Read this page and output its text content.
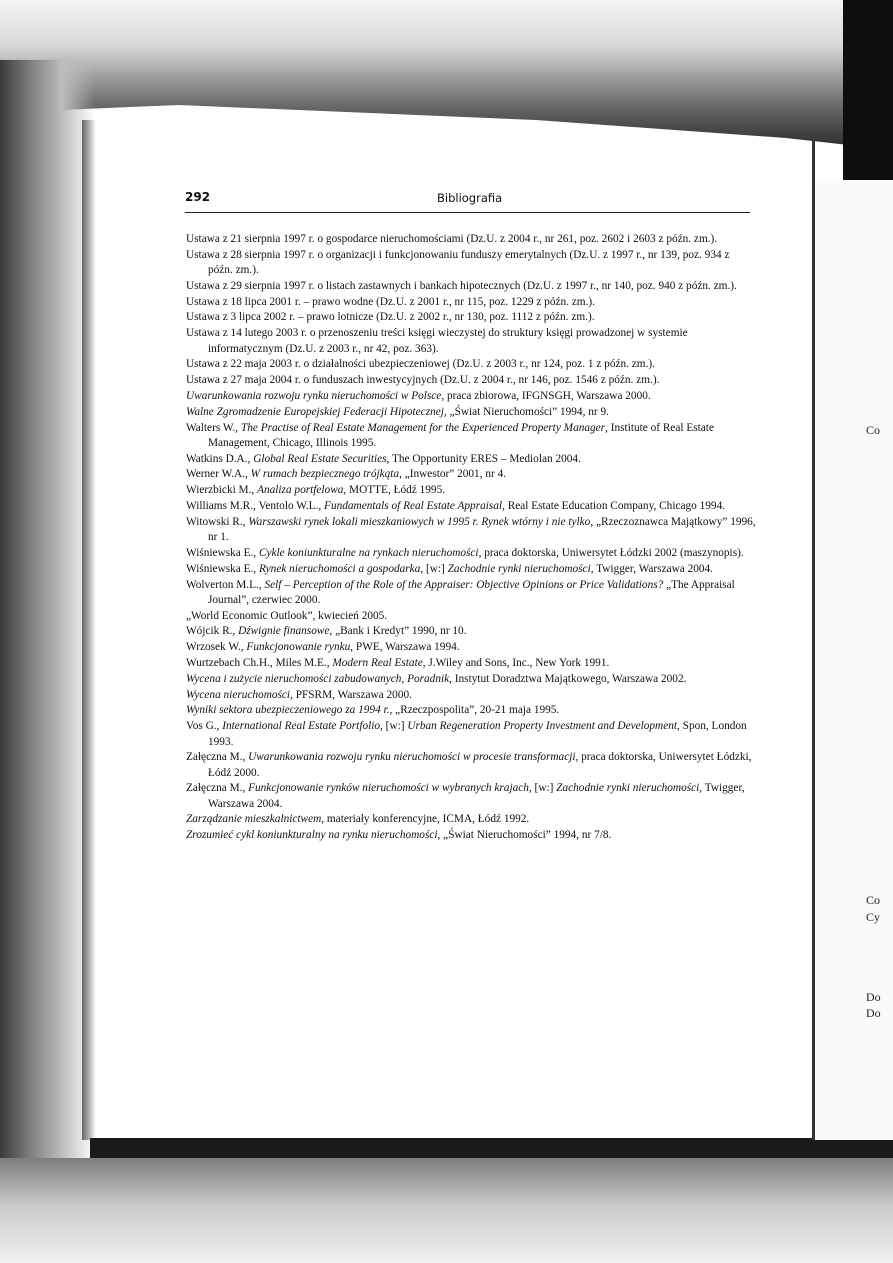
Co
Co
Cy
Do
Do
292	Bibliografia
Ustawa z 21 sierpnia 1997 r. o gospodarce nieruchomościami (Dz.U. z 2004 r., nr 261, poz. 2602 i 2603 z późn. zm.).
Ustawa z 28 sierpnia 1997 r. o organizacji i funkcjonowaniu funduszy emerytalnych (Dz.U. z 1997 r., nr 139, poz. 934 z późn. zm.).
Ustawa z 29 sierpnia 1997 r. o listach zastawnych i bankach hipotecznych (Dz.U. z 1997 r., nr 140, poz. 940 z późn. zm.).
Ustawa z 18 lipca 2001 r. – prawo wodne (Dz.U. z 2001 r., nr 115, poz. 1229 z późn. zm.).
Ustawa z 3 lipca 2002 r. – prawo lotnicze (Dz.U. z 2002 r., nr 130, poz. 1112 z późn. zm.).
Ustawa z 14 lutego 2003 r. o przenoszeniu treści księgi wieczystej do struktury księgi prowadzonej w systemie informatycznym (Dz.U. z 2003 r., nr 42, poz. 363).
Ustawa z 22 maja 2003 r. o działalności ubezpieczeniowej (Dz.U. z 2003 r., nr 124, poz. 1 z późn. zm.).
Ustawa z 27 maja 2004 r. o funduszach inwestycyjnych (Dz.U. z 2004 r., nr 146, poz. 1546 z późn. zm.).
Uwarunkowania rozwoju rynku nieruchomości w Polsce, praca zbiorowa, IFGNSGH, Warszawa 2000.
Walne Zgromadzenie Europejskiej Federacji Hipotecznej, „Świat Nieruchomości” 1994, nr 9.
Walters W., The Practise of Real Estate Management for the Experienced Property Manager, Institute of Real Estate Management, Chicago, Illinois 1995.
Watkins D.A., Global Real Estate Securities, The Opportunity ERES – Mediolan 2004.
Werner W.A., W rumach bezpiecznego trójkąta, „Inwestor” 2001, nr 4.
Wierzbicki M., Analiza portfelowa, MOTTE, Łódź 1995.
Williams M.R., Ventolo W.L., Fundamentals of Real Estate Appraisal, Real Estate Education Company, Chicago 1994.
Witowski R., Warszawski rynek lokali mieszkaniowych w 1995 r. Rynek wtórny i nie tylko, „Rzeczoznawca Majątkowy” 1996, nr 1.
Wiśniewska E., Cykle koniunkturalne na rynkach nieruchomości, praca doktorska, Uniwersytet Łódzki 2002 (maszynopis).
Wiśniewska E., Rynek nieruchomości a gospodarka, [w:] Zachodnie rynki nieruchomości, Twigger, Warszawa 2004.
Wolverton M.L., Self – Perception of the Role of the Appraiser: Objective Opinions or Price Validations? „The Appraisal Journal”, czerwiec 2000.
„World Economic Outlook”, kwiecień 2005.
Wójcik R., Dźwignie finansowe, „Bank i Kredyt” 1990, nr 10.
Wrzosek W., Funkcjonowanie rynku, PWE, Warszawa 1994.
Wurtzebach Ch.H., Miles M.E., Modern Real Estate, J.Wiley and Sons, Inc., New York 1991.
Wycena i zużycie nieruchomości zabudowanych, Poradnik, Instytut Doradztwa Majątkowego, Warszawa 2002.
Wycena nieruchomości, PFSRM, Warszawa 2000.
Wyniki sektora ubezpieczeniowego za 1994 r., „Rzeczpospolita”, 20-21 maja 1995.
Vos G., International Real Estate Portfolio, [w:] Urban Regeneration Property Investment and Development, Spon, London 1993.
Załęczna M., Uwarunkowania rozwoju rynku nieruchomości w procesie transformacji, praca doktorska, Uniwersytet Łódzki, Łódź 2000.
Załęczna M., Funkcjonowanie rynków nieruchomości w wybranych krajach, [w:] Zachodnie rynki nieruchomości, Twigger, Warszawa 2004.
Zarządzanie mieszkalnictwem, materiały konferencyjne, ICMA, Łódź 1992.
Zrozumieć cykl koniunkturalny na rynku nieruchomości, „Świat Nieruchomości” 1994, nr 7/8.
